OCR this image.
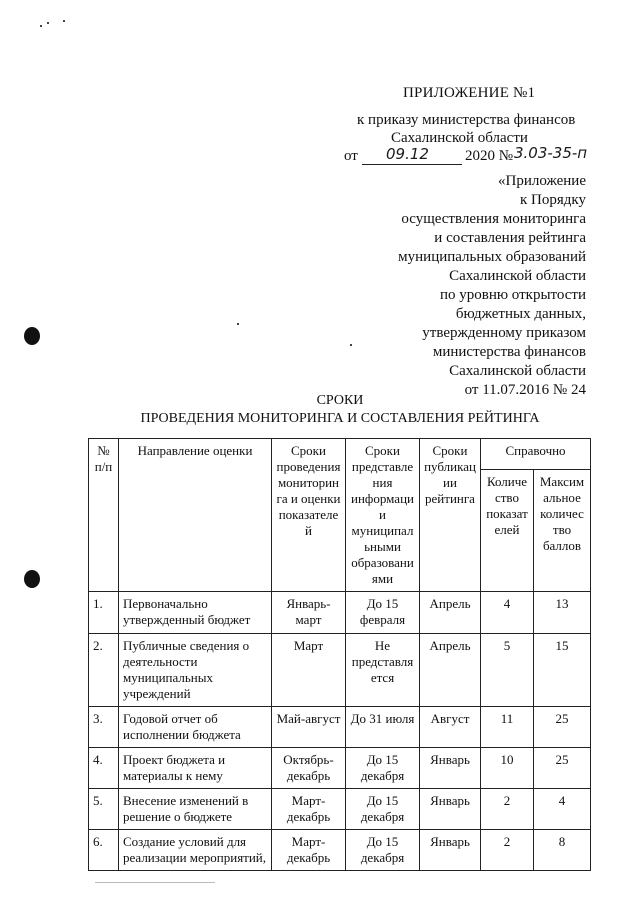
ПРИЛОЖЕНИЕ №1
к приказу министерства финансов
Сахалинской области
от 09.12 2020 № 3.03-35-п
«Приложение
к Порядку
осуществления мониторинга
и составления рейтинга
муниципальных образований
Сахалинской области
по уровню открытости
бюджетных данных,
утвержденному приказом
министерства финансов
Сахалинской области
от 11.07.2016 № 24
СРОКИ
ПРОВЕДЕНИЯ МОНИТОРИНГА И СОСТАВЛЕНИЯ РЕЙТИНГА
№ п/п	Направление оценки	Сроки проведения мониторинга и оценки показателей	Сроки представления информации муниципальными образованиями	Сроки публикации рейтинга	Справочно	
					Количество показателей	Максимальное количество баллов
1.	Первоначально утвержденный бюджет	Январь-март	До 15 февраля	Апрель	4	13
2.	Публичные сведения о деятельности муниципальных учреждений	Март	Не представляется	Апрель	5	15
3.	Годовой отчет об исполнении бюджета	Май-август	До 31 июля	Август	11	25
4.	Проект бюджета и материалы к нему	Октябрь-декабрь	До 15 декабря	Январь	10	25
5.	Внесение изменений в решение о бюджете	Март-декабрь	До 15 декабря	Январь	2	4
6.	Создание условий для реализации мероприятий,	Март-декабрь	До 15 декабря	Январь	2	8
